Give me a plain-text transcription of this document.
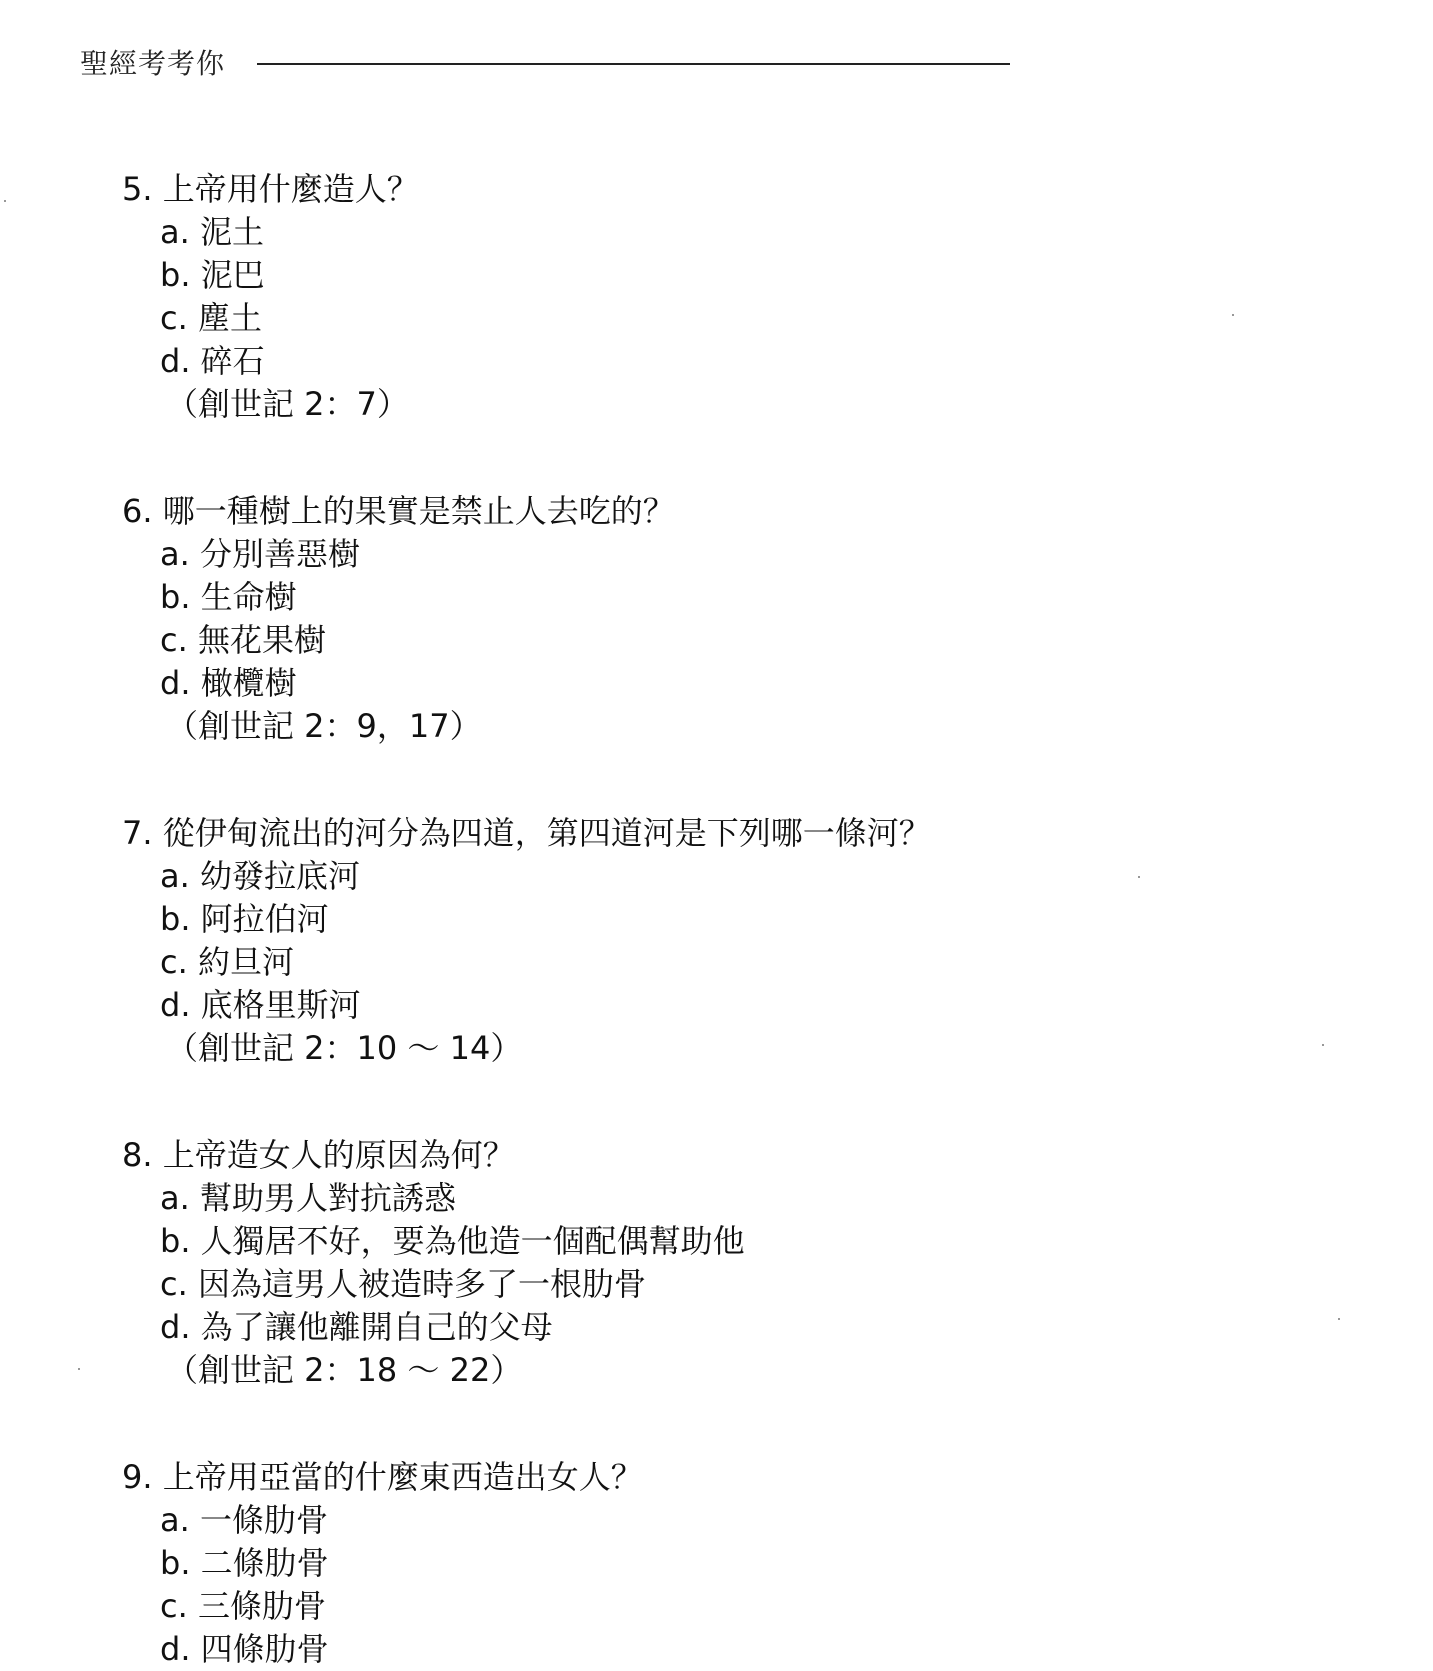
聖經考考你
5. 上帝用什麼造人？
a. 泥土
b. 泥巴
c. 塵土
d. 碎石
（創世記 2：7）
6. 哪一種樹上的果實是禁止人去吃的？
a. 分別善惡樹
b. 生命樹
c. 無花果樹
d. 橄欖樹
（創世記 2：9，17）
7. 從伊甸流出的河分為四道，第四道河是下列哪一條河？
a. 幼發拉底河
b. 阿拉伯河
c. 約旦河
d. 底格里斯河
（創世記 2：10 ～ 14）
8. 上帝造女人的原因為何？
a. 幫助男人對抗誘惑
b. 人獨居不好，要為他造一個配偶幫助他
c. 因為這男人被造時多了一根肋骨
d. 為了讓他離開自己的父母
（創世記 2：18 ～ 22）
9. 上帝用亞當的什麼東西造出女人？
a. 一條肋骨
b. 二條肋骨
c. 三條肋骨
d. 四條肋骨
